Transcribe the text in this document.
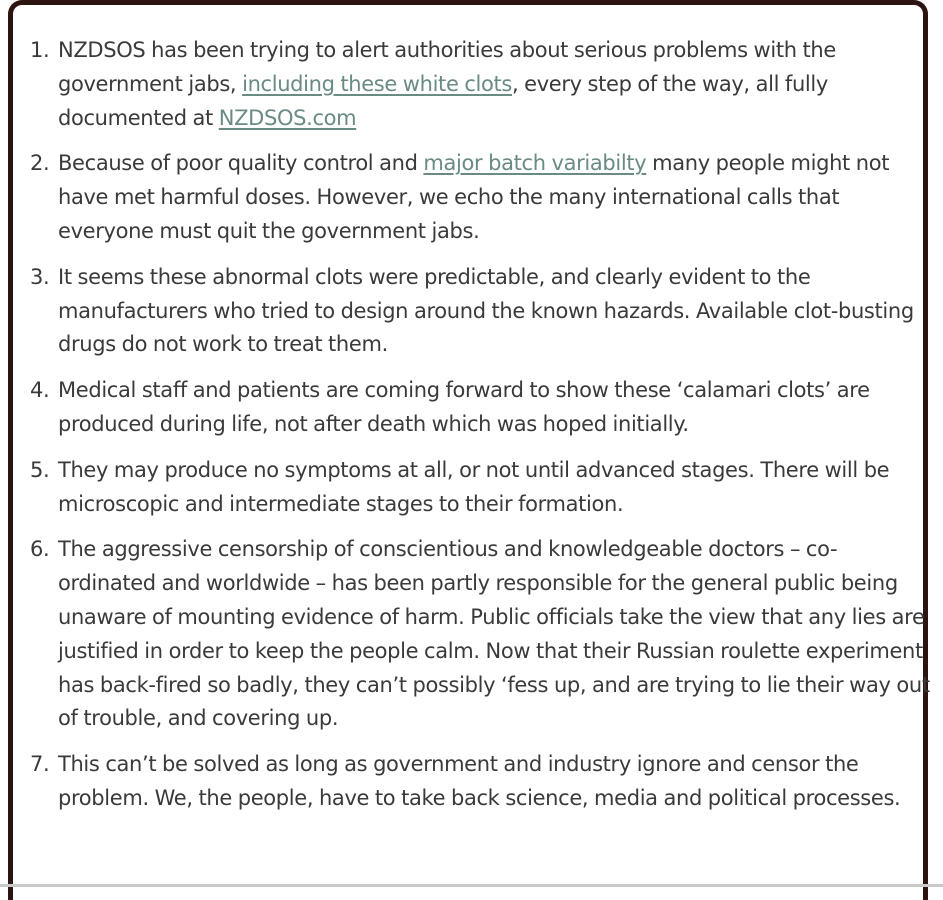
1. NZDSOS has been trying to alert authorities about serious problems with the government jabs, including these white clots, every step of the way, all fully documented at NZDSOS.com
2. Because of poor quality control and major batch variabilty many people might not have met harmful doses. However, we echo the many international calls that everyone must quit the government jabs.
3. It seems these abnormal clots were predictable, and clearly evident to the manufacturers who tried to design around the known hazards. Available clot-busting drugs do not work to treat them.
4. Medical staff and patients are coming forward to show these ‘calamari clots’ are produced during life, not after death which was hoped initially.
5. They may produce no symptoms at all, or not until advanced stages. There will be microscopic and intermediate stages to their formation.
6. The aggressive censorship of conscientious and knowledgeable doctors – co-ordinated and worldwide – has been partly responsible for the general public being unaware of mounting evidence of harm. Public officials take the view that any lies are justified in order to keep the people calm. Now that their Russian roulette experiment has back-fired so badly, they can’t possibly ‘fess up, and are trying to lie their way out of trouble, and covering up.
7. This can’t be solved as long as government and industry ignore and censor the problem. We, the people, have to take back science, media and political processes.
